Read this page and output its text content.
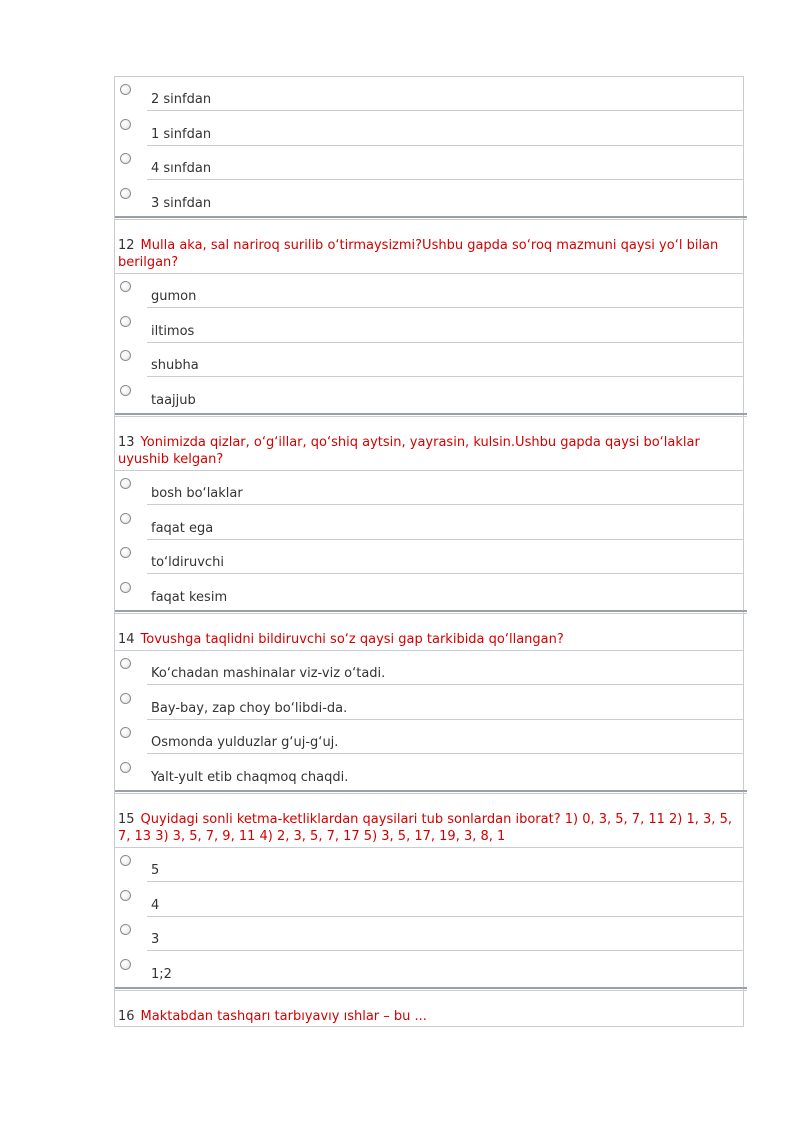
2 sinfdan
1 sinfdan
4 sınfdan
3 sinfdan
12 Mulla aka, sal nariroq surilib o‘tirmaysizmi?Ushbu gapda so‘roq mazmuni qaysi yo‘l bilan berilgan?
gumon
iltimos
shubha
taajjub
13 Yonimizda qizlar, o‘g‘illar, qo‘shiq aytsin, yayrasin, kulsin.Ushbu gapda qaysi bo‘laklar uyushib kelgan?
bosh bo‘laklar
faqat ega
to‘ldiruvchi
faqat kesim
14 Tovushga taqlidni bildiruvchi so‘z qaysi gap tarkibida qo‘llangan?
Ko‘chadan mashinalar viz-viz o‘tadi.
Bay-bay, zap choy bo‘libdi-da.
Osmonda yulduzlar g‘uj-g‘uj.
Yalt-yult etib chaqmoq chaqdi.
15 Quyidagi sonli ketma-ketliklardan qaysilari tub sonlardan iborat? 1) 0, 3, 5, 7, 11 2) 1, 3, 5, 7, 13 3) 3, 5, 7, 9, 11 4) 2, 3, 5, 7, 17 5) 3, 5, 17, 19, 3, 8, 1
5
4
3
1;2
16 Maktabdan tashqarı tarbıyavıy ıshlar – bu ...
